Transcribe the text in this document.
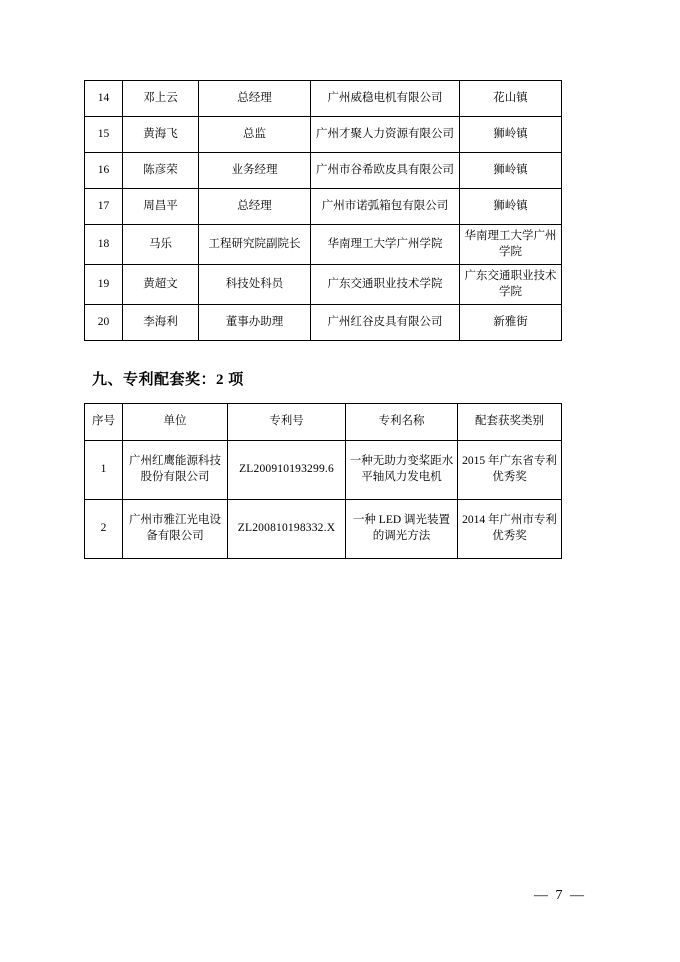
14	邓上云	总经理	广州威稳电机有限公司	花山镇
15	黄海飞	总监	广州才聚人力资源有限公司	狮岭镇
16	陈彦荣	业务经理	广州市谷希欧皮具有限公司	狮岭镇
17	周昌平	总经理	广州市诺弧箱包有限公司	狮岭镇
18	马乐	工程研究院副院长	华南理工大学广州学院	华南理工大学广州学院
19	黄超文	科技处科员	广东交通职业技术学院	广东交通职业技术学院
20	李海利	董事办助理	广州红谷皮具有限公司	新雅街
九、专利配套奖：2 项
序号	单位	专利号	专利名称	配套获奖类别
1	广州红鹰能源科技股份有限公司	ZL200910193299.6	一种无助力变桨距水平轴风力发电机	2015 年广东省专利优秀奖
2	广州市雅江光电设备有限公司	ZL200810198332.X	一种 LED 调光装置的调光方法	2014 年广州市专利优秀奖
— 7 —
